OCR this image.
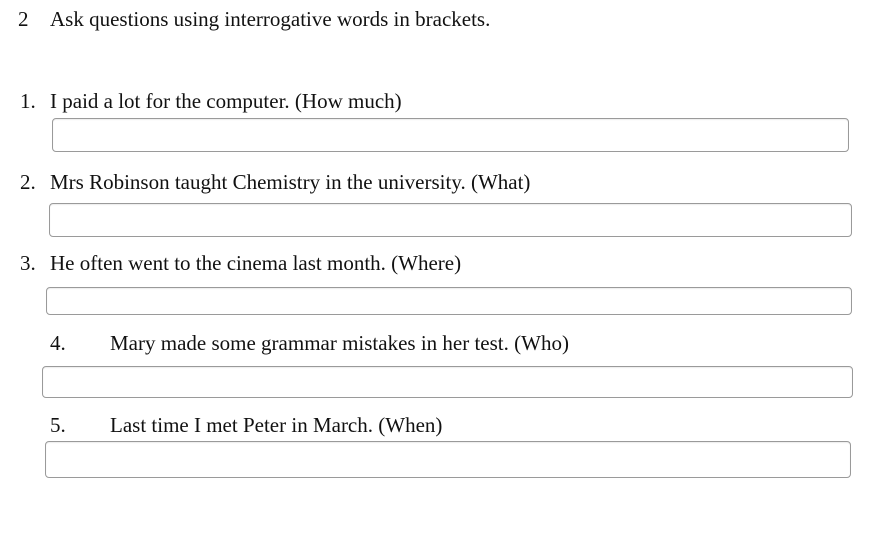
2 Ask questions using interrogative words in brackets.
1. I paid a lot for the computer. (How much)
2. Mrs Robinson taught Chemistry in the university. (What)
3. He often went to the cinema last month. (Where)
4. Mary made some grammar mistakes in her test. (Who)
5. Last time I met Peter in March. (When)
